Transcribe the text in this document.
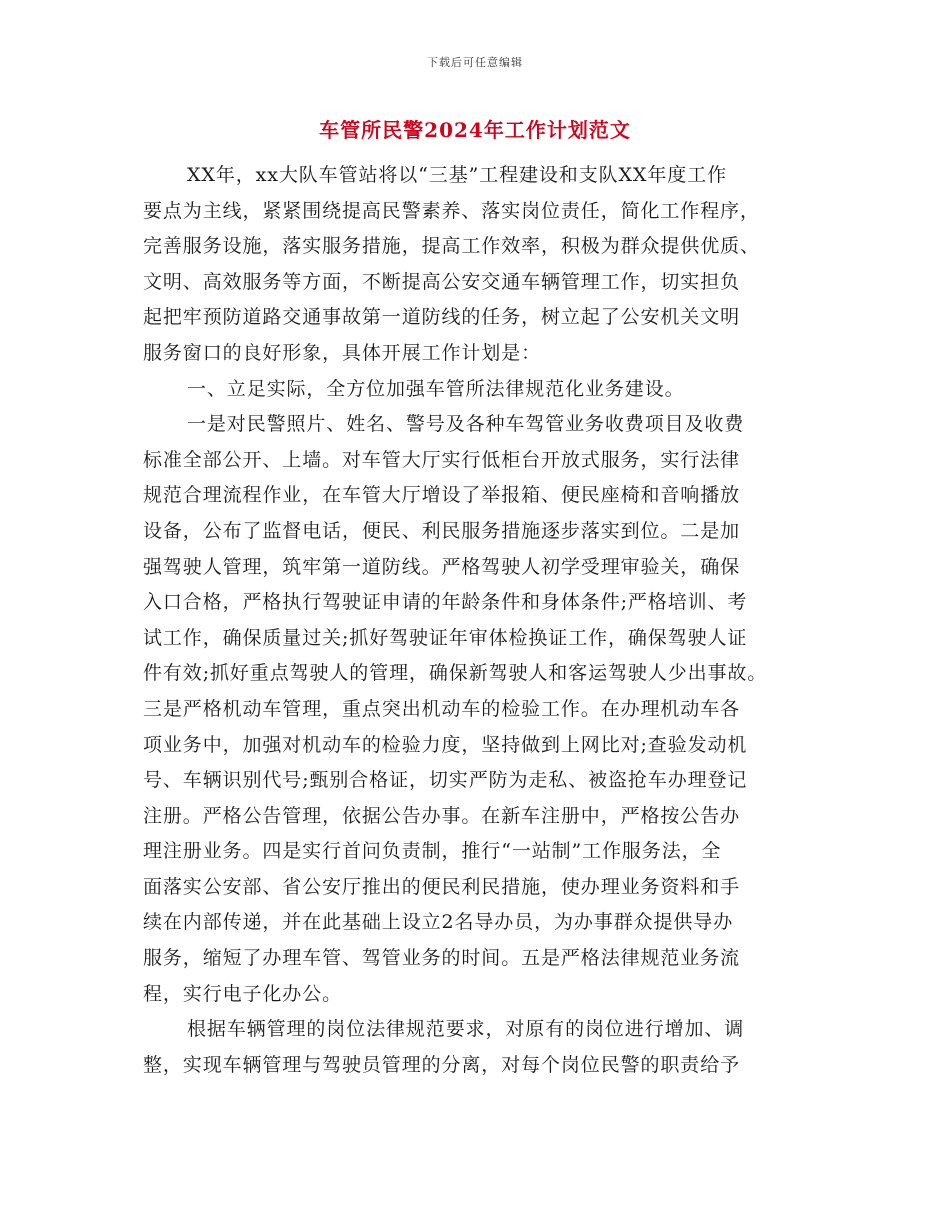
下载后可任意编辑
车管所民警2024年工作计划范文
XX年，xx大队车管站将以“三基”工程建设和支队XX年度工作
要点为主线，紧紧围绕提高民警素养、落实岗位责任，简化工作程序，
完善服务设施，落实服务措施，提高工作效率，积极为群众提供优质、
文明、高效服务等方面，不断提高公安交通车辆管理工作，切实担负
起把牢预防道路交通事故第一道防线的任务，树立起了公安机关文明
服务窗口的良好形象，具体开展工作计划是：
一、立足实际，全方位加强车管所法律规范化业务建设。
一是对民警照片、姓名、警号及各种车驾管业务收费项目及收费
标准全部公开、上墙。对车管大厅实行低柜台开放式服务，实行法律
规范合理流程作业，在车管大厅增设了举报箱、便民座椅和音响播放
设备，公布了监督电话，便民、利民服务措施逐步落实到位。二是加
强驾驶人管理，筑牢第一道防线。严格驾驶人初学受理审验关，确保
入口合格，严格执行驾驶证申请的年龄条件和身体条件;严格培训、考
试工作，确保质量过关;抓好驾驶证年审体检换证工作，确保驾驶人证
件有效;抓好重点驾驶人的管理，确保新驾驶人和客运驾驶人少出事故。
三是严格机动车管理，重点突出机动车的检验工作。在办理机动车各
项业务中，加强对机动车的检验力度，坚持做到上网比对;查验发动机
号、车辆识别代号;甄别合格证，切实严防为走私、被盗抢车办理登记
注册。严格公告管理，依据公告办事。在新车注册中，严格按公告办
理注册业务。四是实行首问负责制，推行“一站制”工作服务法，全
面落实公安部、省公安厅推出的便民利民措施，使办理业务资料和手
续在内部传递，并在此基础上设立2名导办员，为办事群众提供导办
服务，缩短了办理车管、驾管业务的时间。五是严格法律规范业务流
程，实行电子化办公。
根据车辆管理的岗位法律规范要求，对原有的岗位进行增加、调
整，实现车辆管理与驾驶员管理的分离，对每个岗位民警的职责给予
